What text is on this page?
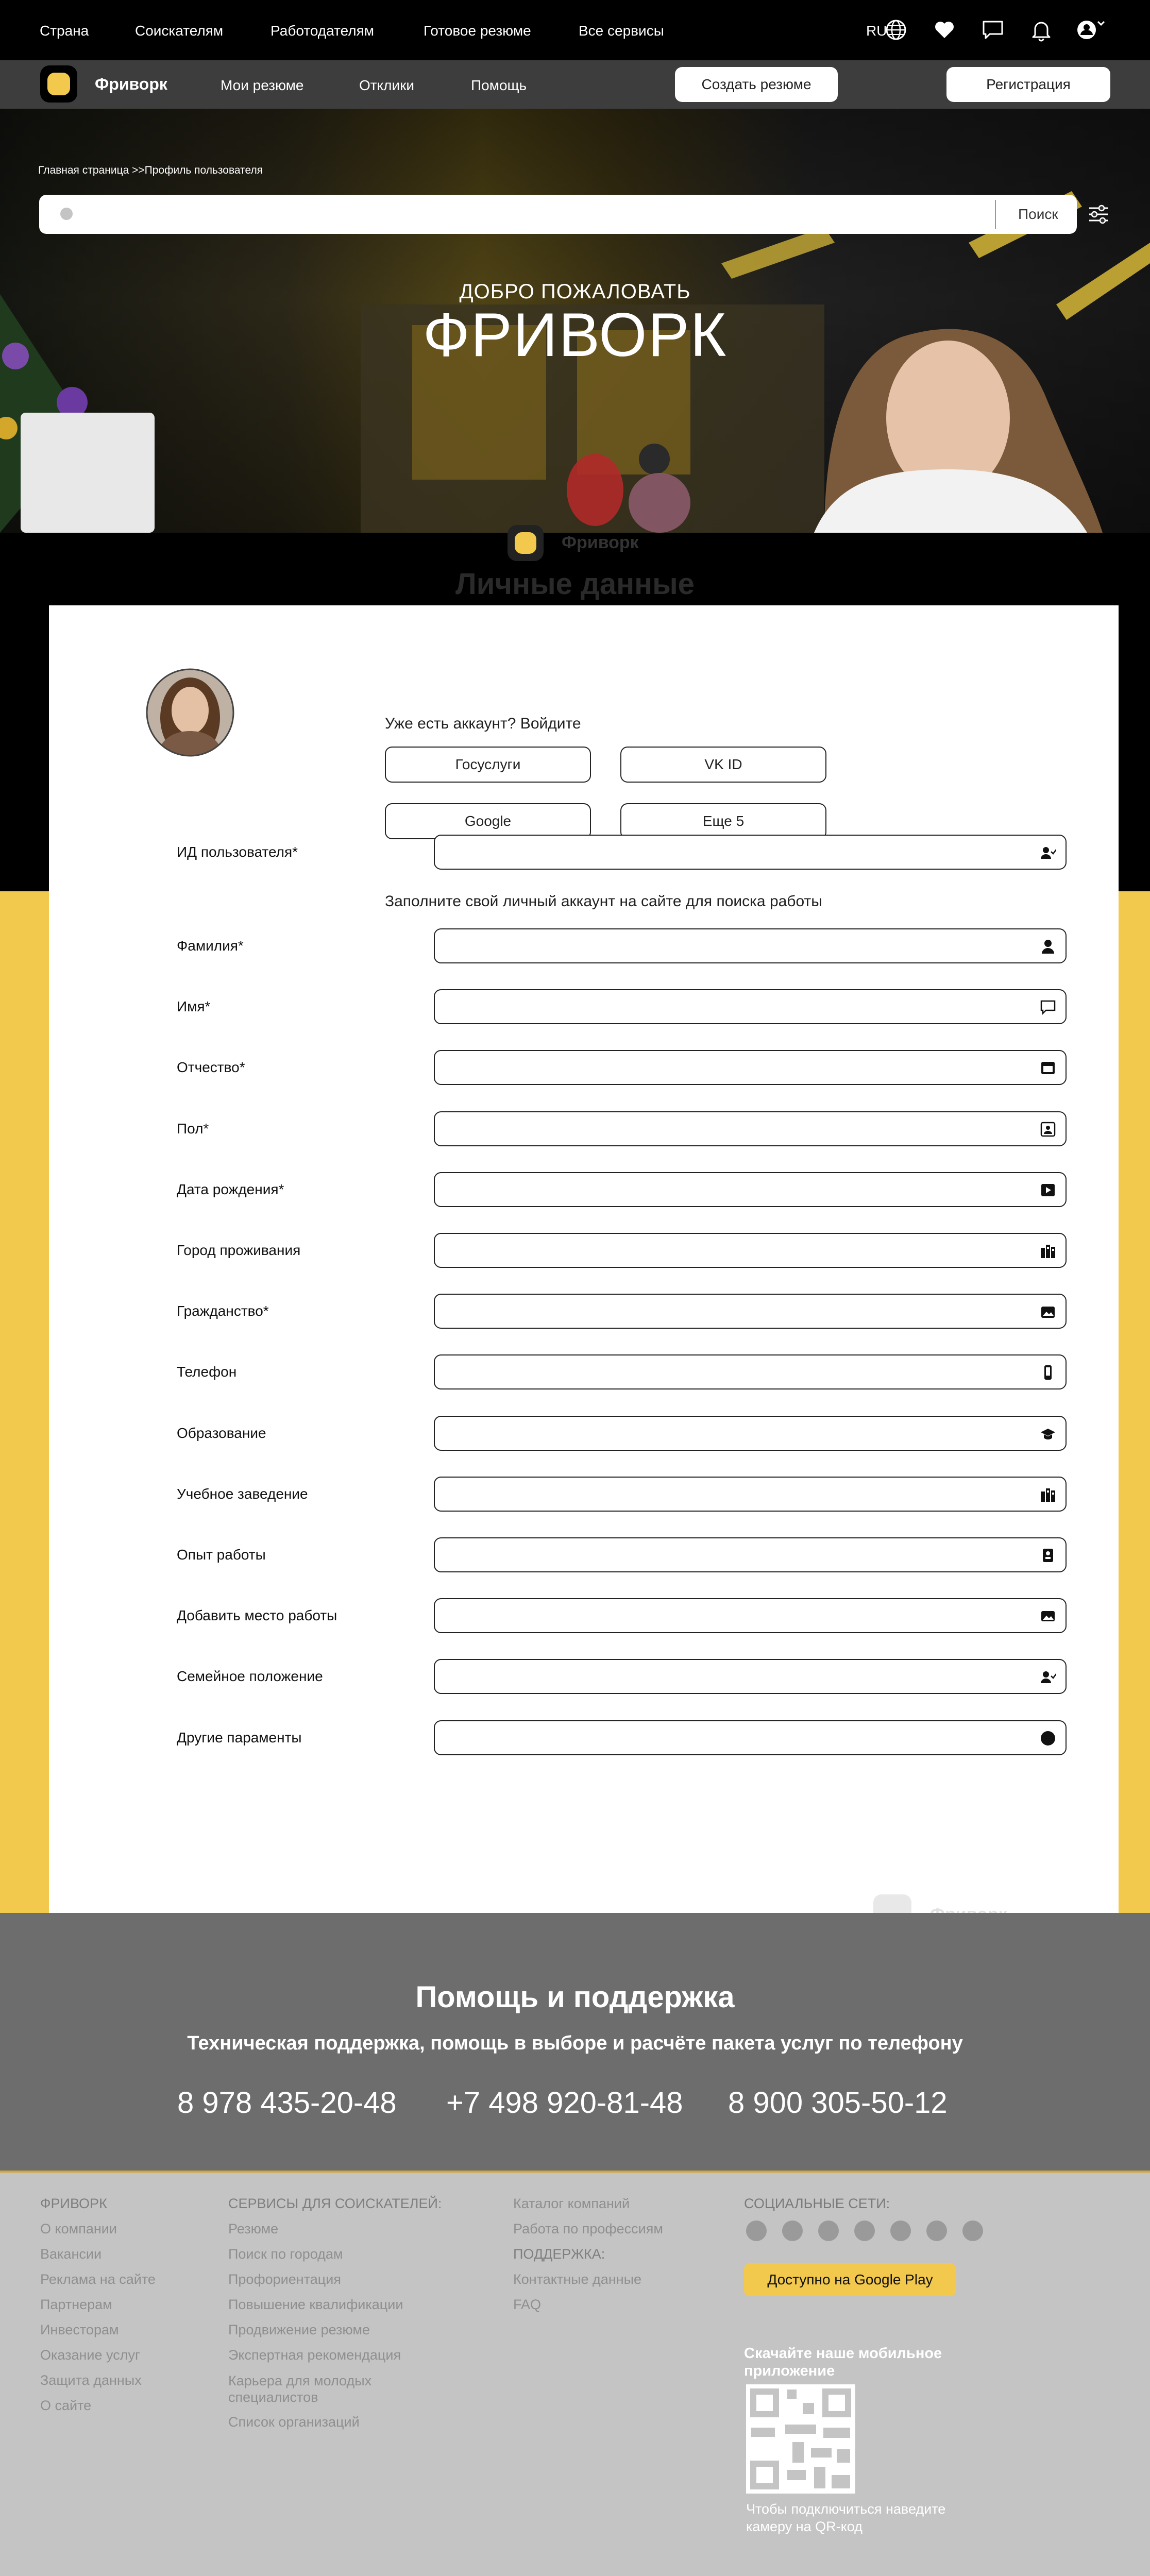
Страна	Соискателям	Работодателям	Готовое резюме	Все сервисы	RU
Фриворк	Мои резюме	Отклики	Помощь	Создать резюме	Регистрация
Главная страница >>Профиль пользователя
Поиск
ДОБРО ПОЖАЛОВАТЬ
ФРИВОРК
Фриворк
Личные данные
Уже есть аккаунт? Войдите
Госуслуги	VK ID
Google	Еще 5
Заполните свой личный аккаунт на сайте для поиска работы
ИД пользователя*
Фамилия*
Имя*
Отчество*
Пол*
Дата рождения*
Город проживания
Гражданство*
Телефон
Образование
Учебное заведение
Опыт работы
Добавить место работы
Семейное положение
Другие парамeнты
Помощь и поддержка
Техническая поддержка, помощь в выборе и расчёте пакета услуг по телефону
8 978 435-20-48 +7 498 920-81-48 8 900 305-50-12
ФРИВОРК
О компании
Вакансии
Реклама на сайте
Партнерам
Инвесторам
Оказание услуг
Защита данных
О сайте
СЕРВИСЫ ДЛЯ СОИСКАТЕЛЕЙ:
Резюме
Поиск по городам
Профориентация
Повышение квалификации
Продвижение резюме
Экспертная рекомендация
Карьера для молодых специалистов
Список организаций
Каталог компаний
Работа по профессиям
ПОДДЕРЖКА:
Контактные данные
FAQ
СОЦИАЛЬНЫЕ СЕТИ:
Доступно на Google Play
Скачайте наше мобильное приложение
Чтобы подключиться наведите камеру на QR-код
